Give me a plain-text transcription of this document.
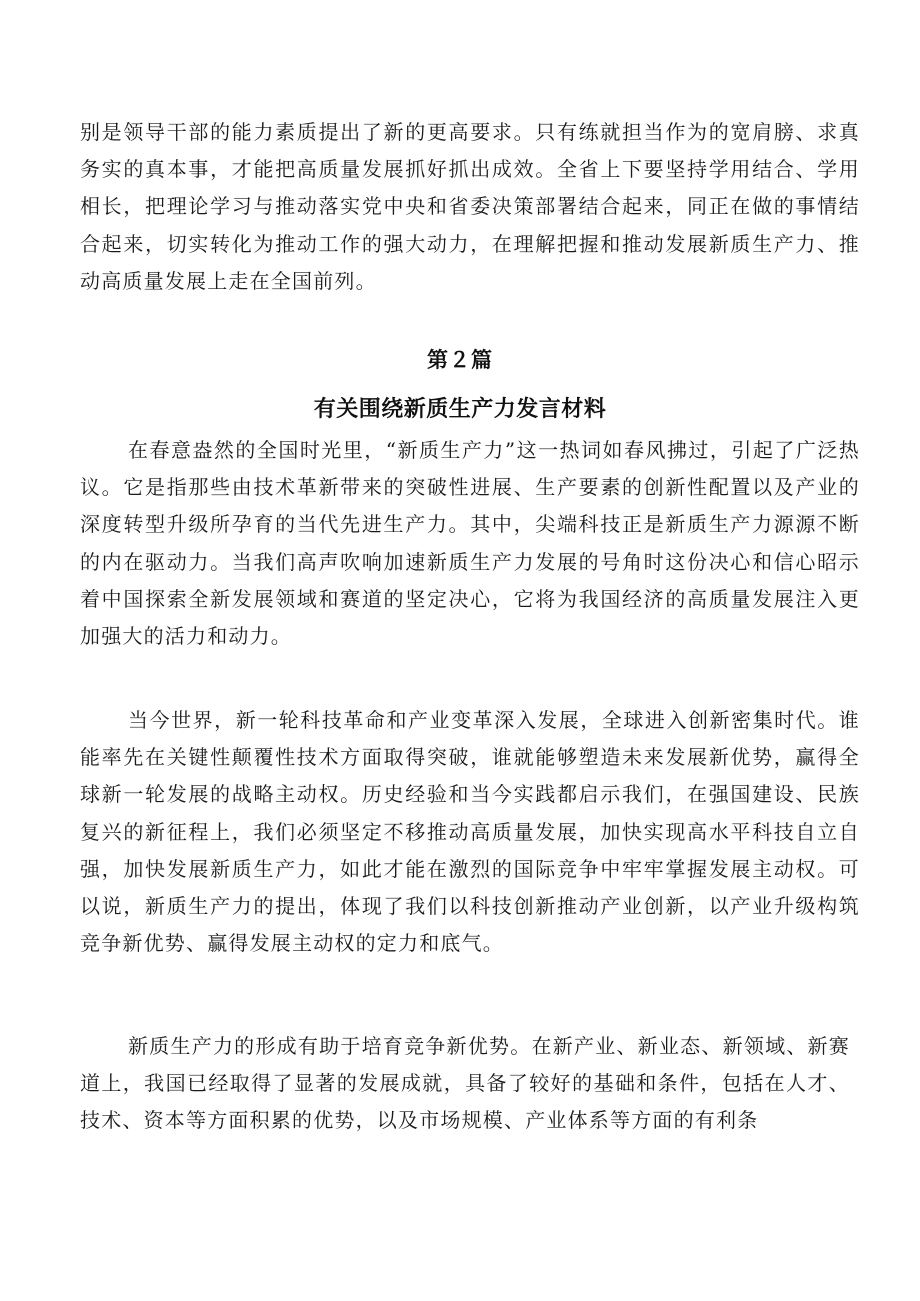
别是领导干部的能力素质提出了新的更高要求。只有练就担当作为的宽肩膀、求真务实的真本事，才能把高质量发展抓好抓出成效。全省上下要坚持学用结合、学用相长，把理论学习与推动落实党中央和省委决策部署结合起来，同正在做的事情结合起来，切实转化为推动工作的强大动力，在理解把握和推动发展新质生产力、推动高质量发展上走在全国前列。

第２篇
有关围绕新质生产力发言材料

在春意盎然的全国时光里，“新质生产力”这一热词如春风拂过，引起了广泛热议。它是指那些由技术革新带来的突破性进展、生产要素的创新性配置以及产业的深度转型升级所孕育的当代先进生产力。其中，尖端科技正是新质生产力源源不断的内在驱动力。当我们高声吹响加速新质生产力发展的号角时这份决心和信心昭示着中国探索全新发展领域和赛道的坚定决心，它将为我国经济的高质量发展注入更加强大的活力和动力。

当今世界，新一轮科技革命和产业变革深入发展，全球进入创新密集时代。谁能率先在关键性颠覆性技术方面取得突破，谁就能够塑造未来发展新优势，赢得全球新一轮发展的战略主动权。历史经验和当今实践都启示我们，在强国建设、民族复兴的新征程上，我们必须坚定不移推动高质量发展，加快实现高水平科技自立自强，加快发展新质生产力，如此才能在激烈的国际竞争中牢牢掌握发展主动权。可以说，新质生产力的提出，体现了我们以科技创新推动产业创新，以产业升级构筑竞争新优势、赢得发展主动权的定力和底气。

新质生产力的形成有助于培育竞争新优势。在新产业、新业态、新领域、新赛道上，我国已经取得了显著的发展成就，具备了较好的基础和条件，包括在人才、技术、资本等方面积累的优势，以及市场规模、产业体系等方面的有利条
